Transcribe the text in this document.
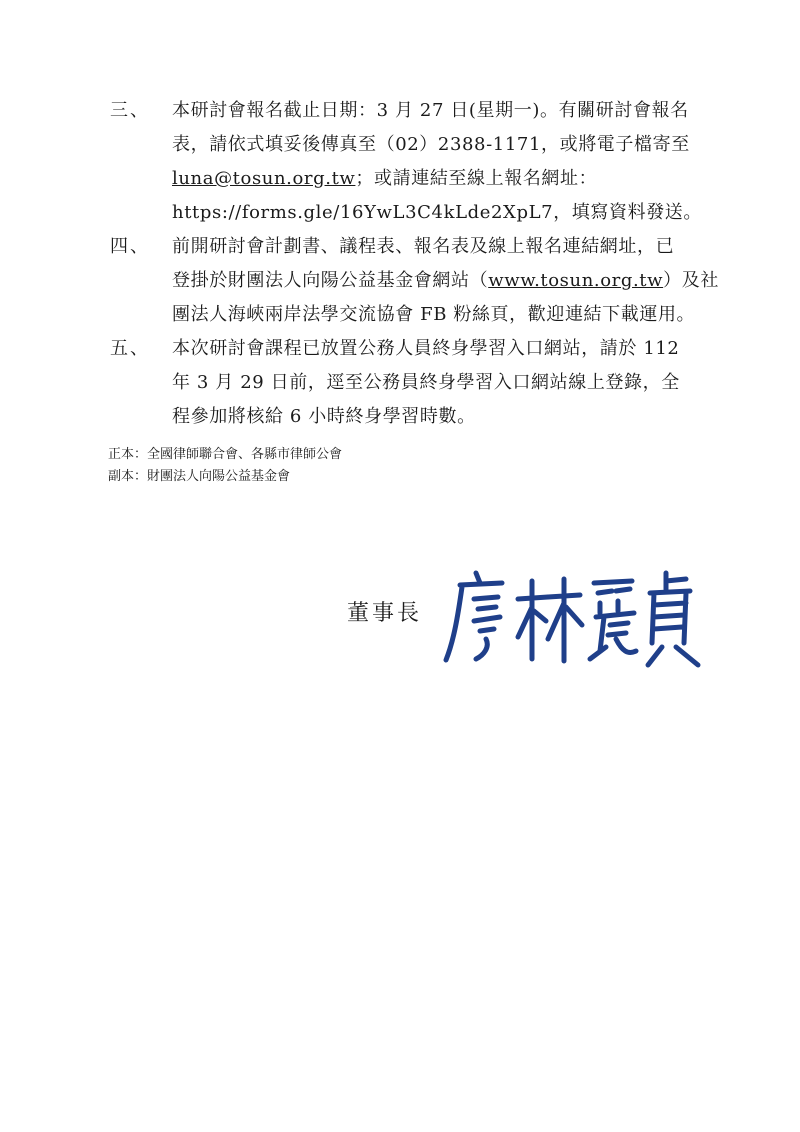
三、	本研討會報名截止日期：3 月 27 日(星期一)。有關研討會報名
表，請依式填妥後傳真至（02）2388-1171，或將電子檔寄至
luna@tosun.org.tw；或請連結至線上報名網址：
https://forms.gle/16YwL3C4kLde2XpL7，填寫資料發送。
四、	前開研討會計劃書、議程表、報名表及線上報名連結網址，已
登掛於財團法人向陽公益基金會網站（www.tosun.org.tw）及社
團法人海峽兩岸法學交流協會 FB 粉絲頁，歡迎連結下載運用。
五、	本次研討會課程已放置公務人員終身學習入口網站，請於 112
年 3 月 29 日前，逕至公務員終身學習入口網站線上登錄，全
程參加將核給 6 小時終身學習時數。
正本：全國律師聯合會、各縣市律師公會
副本：財團法人向陽公益基金會
董事長
